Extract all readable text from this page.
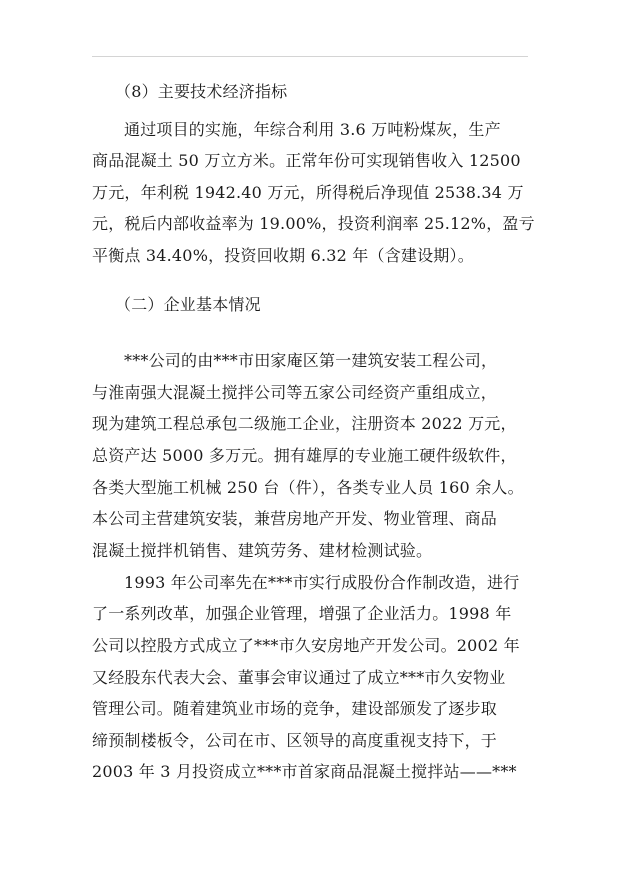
（8）主要技术经济指标
通过项目的实施，年综合利用 3.6 万吨粉煤灰，生产
商品混凝土 50 万立方米。正常年份可实现销售收入 12500
万元，年利税 1942.40 万元，所得税后净现值 2538.34 万
元，税后内部收益率为 19.00%，投资利润率 25.12%，盈亏
平衡点 34.40%，投资回收期 6.32 年（含建设期）。
（二）企业基本情况
***公司的由***市田家庵区第一建筑安装工程公司，
与淮南强大混凝土搅拌公司等五家公司经资产重组成立，
现为建筑工程总承包二级施工企业，注册资本 2022 万元，
总资产达 5000 多万元。拥有雄厚的专业施工硬件级软件，
各类大型施工机械 250 台（件），各类专业人员 160 余人。
本公司主营建筑安装，兼营房地产开发、物业管理、商品
混凝土搅拌机销售、建筑劳务、建材检测试验。
1993 年公司率先在***市实行成股份合作制改造，进行
了一系列改革，加强企业管理，增强了企业活力。1998 年
公司以控股方式成立了***市久安房地产开发公司。2002 年
又经股东代表大会、董事会审议通过了成立***市久安物业
管理公司。随着建筑业市场的竞争，建设部颁发了逐步取
缔预制楼板令，公司在市、区领导的高度重视支持下，于
2003 年 3 月投资成立***市首家商品混凝土搅拌站——***
